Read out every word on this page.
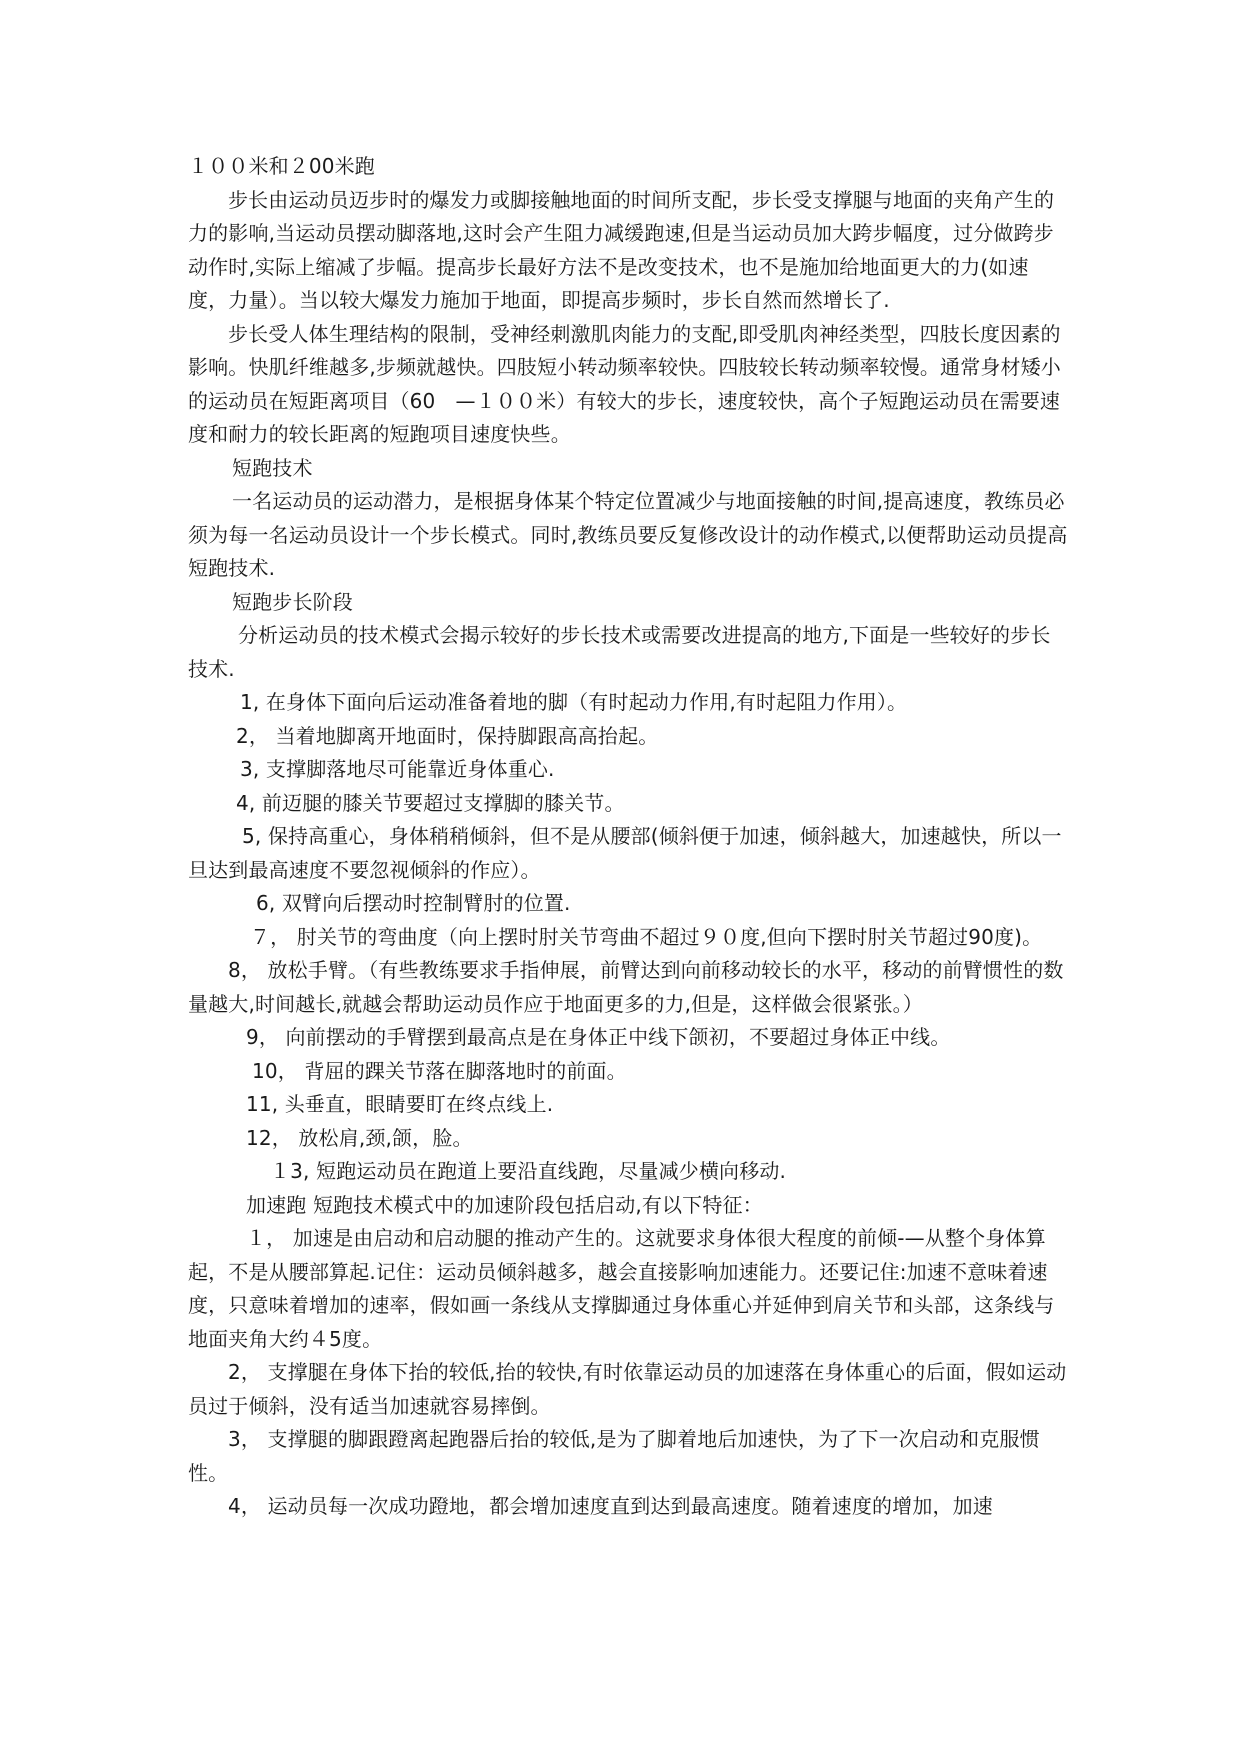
１００米和２00米跑

步长由运动员迈步时的爆发力或脚接触地面的时间所支配，步长受支撑腿与地面的夹角产生的力的影响,当运动员摆动脚落地,这时会产生阻力减缓跑速,但是当运动员加大跨步幅度，过分做跨步动作时,实际上缩减了步幅。提高步长最好方法不是改变技术，也不是施加给地面更大的力(如速度，力量）。当以较大爆发力施加于地面，即提高步频时，步长自然而然增长了.

步长受人体生理结构的限制，受神经刺激肌肉能力的支配,即受肌肉神经类型，四肢长度因素的影响。快肌纤维越多,步频就越快。四肢短小转动频率较快。四肢较长转动频率较慢。通常身材矮小的运动员在短距离项目（60　—１００米）有较大的步长，速度较快，高个子短跑运动员在需要速度和耐力的较长距离的短跑项目速度快些。

短跑技术

一名运动员的运动潜力，是根据身体某个特定位置减少与地面接触的时间,提高速度，教练员必须为每一名运动员设计一个步长模式。同时,教练员要反复修改设计的动作模式,以便帮助运动员提高短跑技术.

短跑步长阶段

分析运动员的技术模式会揭示较好的步长技术或需要改进提高的地方,下面是一些较好的步长技术.

1, 在身体下面向后运动准备着地的脚（有时起动力作用,有时起阻力作用）。

2， 当着地脚离开地面时，保持脚跟高高抬起。

3, 支撑脚落地尽可能靠近身体重心.

4, 前迈腿的膝关节要超过支撑脚的膝关节。

5, 保持高重心，身体稍稍倾斜，但不是从腰部(倾斜便于加速，倾斜越大，加速越快，所以一旦达到最高速度不要忽视倾斜的作应）。

6, 双臂向后摆动时控制臂肘的位置.

７， 肘关节的弯曲度（向上摆时肘关节弯曲不超过９０度,但向下摆时肘关节超过90度)。

8， 放松手臂。（有些教练要求手指伸展，前臂达到向前移动较长的水平，移动的前臂惯性的数量越大,时间越长,就越会帮助运动员作应于地面更多的力,但是，这样做会很紧张。）

9， 向前摆动的手臂摆到最高点是在身体正中线下颌初，不要超过身体正中线。

10， 背屈的踝关节落在脚落地时的前面。

11, 头垂直，眼睛要盯在终点线上.

12， 放松肩,颈,颌，脸。

１3, 短跑运动员在跑道上要沿直线跑，尽量减少横向移动.

加速跑 短跑技术模式中的加速阶段包括启动,有以下特征：

１， 加速是由启动和启动腿的推动产生的。这就要求身体很大程度的前倾-—从整个身体算起，不是从腰部算起.记住：运动员倾斜越多，越会直接影响加速能力。还要记住:加速不意味着速度，只意味着增加的速率，假如画一条线从支撑脚通过身体重心并延伸到肩关节和头部，这条线与地面夹角大约４5度。

2， 支撑腿在身体下抬的较低,抬的较快,有时依靠运动员的加速落在身体重心的后面，假如运动员过于倾斜，没有适当加速就容易摔倒。

3， 支撑腿的脚跟蹬离起跑器后抬的较低,是为了脚着地后加速快，为了下一次启动和克服惯性。

4， 运动员每一次成功蹬地，都会增加速度直到达到最高速度。随着速度的增加，加速
